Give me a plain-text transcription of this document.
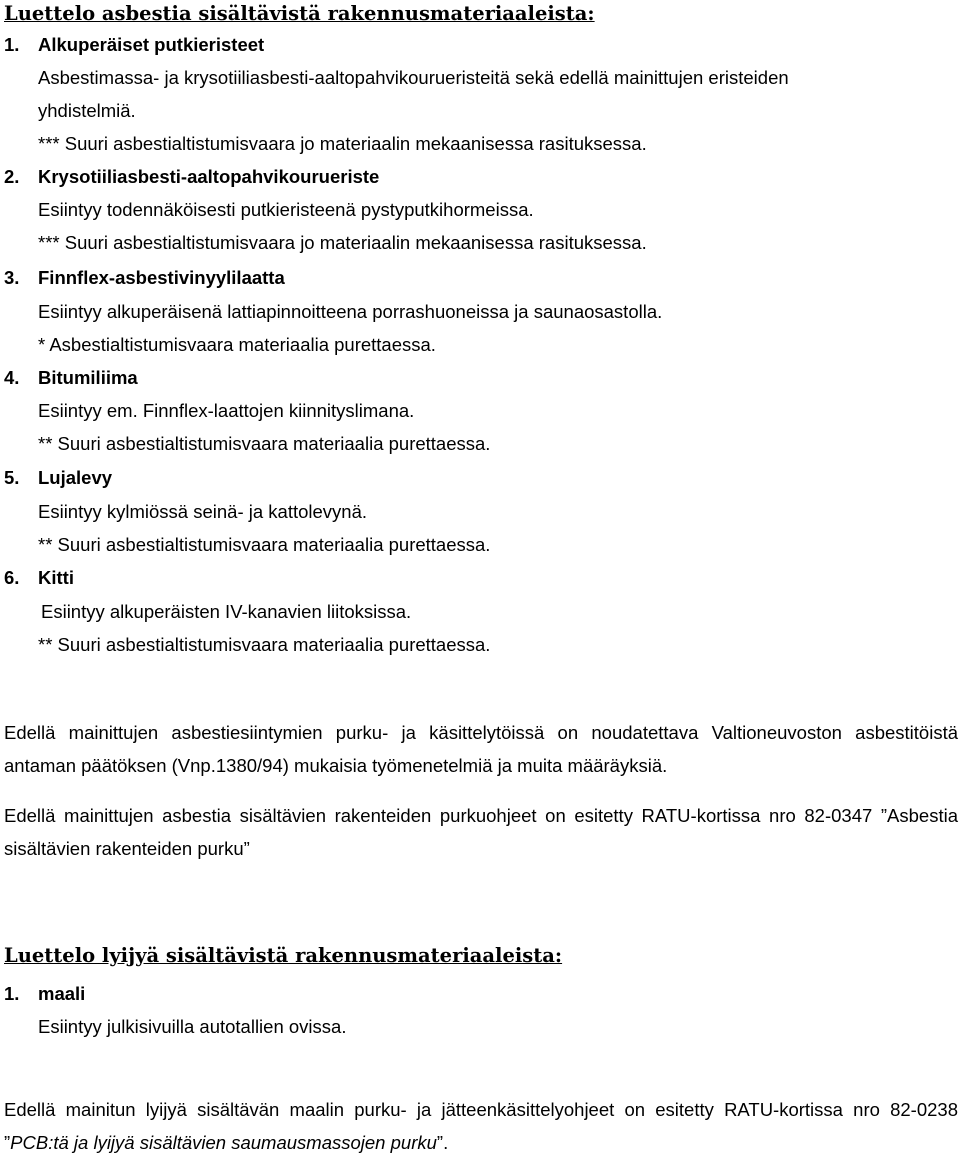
Luettelo asbestia sisältävistä rakennusmateriaaleista:
1. Alkuperäiset putkieristeet
Asbestimassa- ja krysotiiliasbesti-aaltopahvikourueristeitä sekä edellä mainittujen eristeiden
yhdistelmiä.
*** Suuri asbestialtistumisvaara jo materiaalin mekaanisessa rasituksessa.
2. Krysotiiliasbesti-aaltopahvikourueriste
Esiintyy todennäköisesti putkieristeenä pystyputkihormeissa.
*** Suuri asbestialtistumisvaara jo materiaalin mekaanisessa rasituksessa.
3. Finnflex-asbestivinyylilaatta
Esiintyy alkuperäisenä lattiapinnoitteena porrashuoneissa ja saunaosastolla.
* Asbestialtistumisvaara materiaalia purettaessa.
4. Bitumiliima
Esiintyy em. Finnflex-laattojen kiinnityslimana.
** Suuri asbestialtistumisvaara materiaalia purettaessa.
5. Lujalevy
Esiintyy kylmiössä seinä- ja kattolevynä.
** Suuri asbestialtistumisvaara materiaalia purettaessa.
6. Kitti
Esiintyy alkuperäisten IV-kanavien liitoksissa.
** Suuri asbestialtistumisvaara materiaalia purettaessa.
Edellä mainittujen asbestiesiintymien purku- ja käsittelytöissä on noudatettava Valtioneuvoston asbestitöistä antaman päätöksen (Vnp.1380/94) mukaisia työmenetelmiä ja muita määräyksiä.
Edellä mainittujen asbestia sisältävien rakenteiden purkuohjeet on esitetty RATU-kortissa nro 82-0347 ”Asbestia sisältävien rakenteiden purku”
Luettelo lyijyä sisältävistä rakennusmateriaaleista:
1. maali
Esiintyy julkisivuilla autotallien ovissa.
Edellä mainitun lyijyä sisältävän maalin purku- ja jätteenkäsittelyohjeet on esitetty RATU-kortissa nro 82-0238 ”PCB:tä ja lyijyä sisältävien saumausmassojen purku”.
